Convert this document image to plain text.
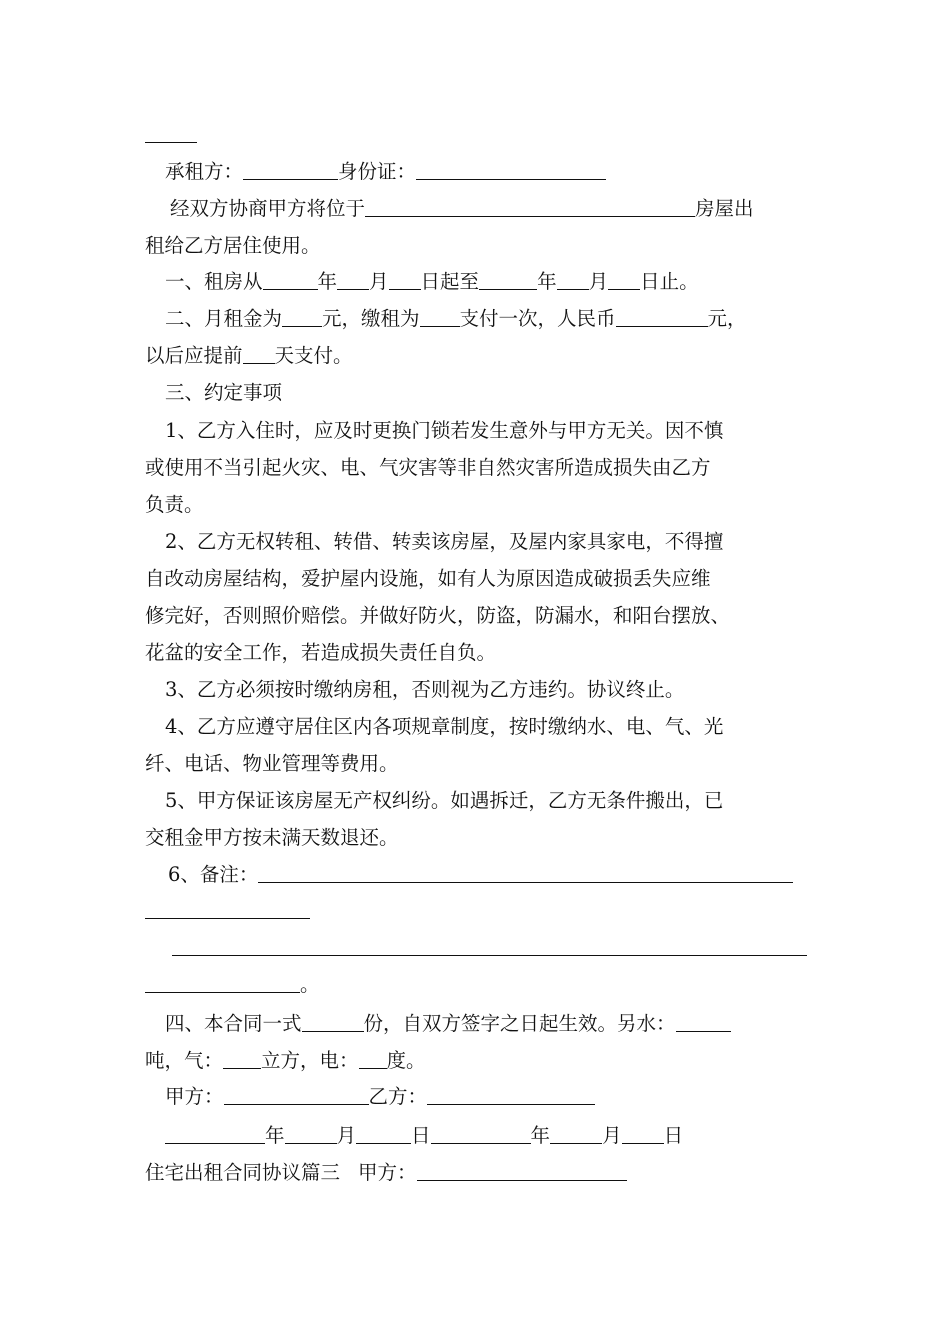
承租方：	身份证：
经双方协商甲方将位于	房屋出
租给乙方居住使用。
一、租房从	年 月 日起至	年 月 日止。
二、月租金为 元，缴租为 支付一次，人民币	元，
以后应提前 天支付。
三、约定事项
1、乙方入住时，应及时更换门锁若发生意外与甲方无关。因不慎
或使用不当引起火灾、电、气灾害等非自然灾害所造成损失由乙方
负责。
2、乙方无权转租、转借、转卖该房屋，及屋内家具家电，不得擅
自改动房屋结构，爱护屋内设施，如有人为原因造成破损丢失应维
修完好，否则照价赔偿。并做好防火，防盗，防漏水，和阳台摆放、
花盆的安全工作，若造成损失责任自负。
3、乙方必须按时缴纳房租，否则视为乙方违约。协议终止。
4、乙方应遵守居住区内各项规章制度，按时缴纳水、电、气、光
纤、电话、物业管理等费用。
5、甲方保证该房屋无产权纠纷。如遇拆迁，乙方无条件搬出，已
交租金甲方按未满天数退还。
6、备注：
。
四、本合同一式	份，自双方签字之日起生效。另水：
吨，气： 立方，电： 度。
甲方：	乙方：
年	月	日	年	月 日
住宅出租合同协议篇三 甲方：
